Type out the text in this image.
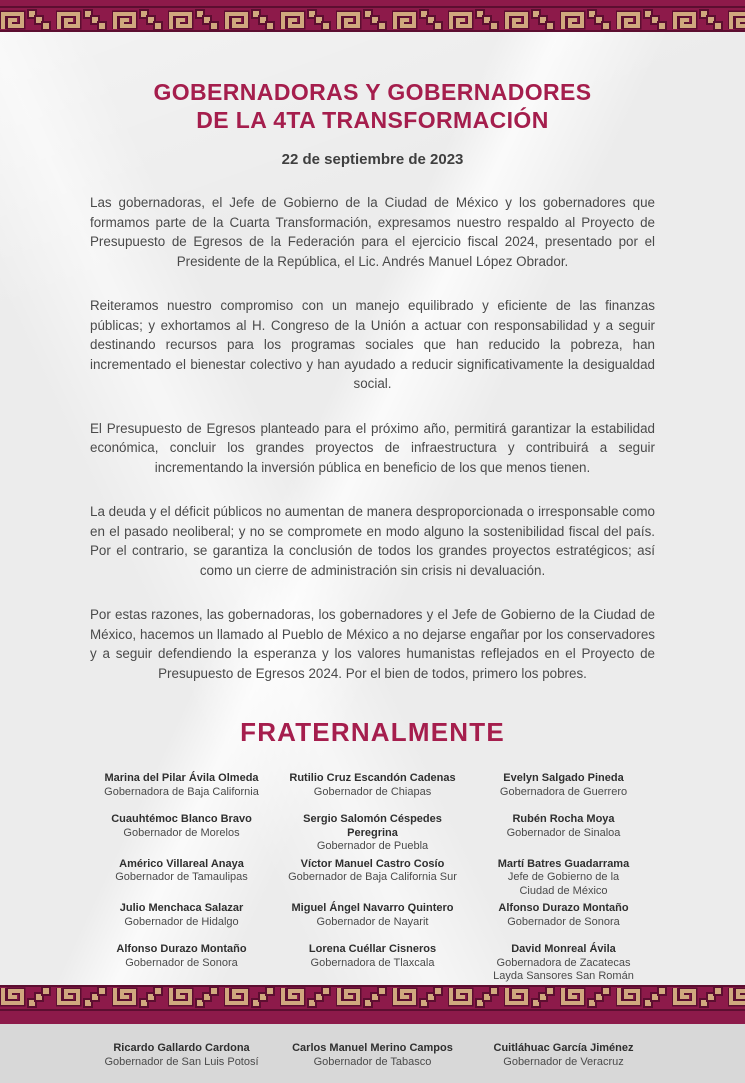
GOBERNADORAS Y GOBERNADORES
DE LA 4TA TRANSFORMACIÓN
22 de septiembre de 2023

Las gobernadoras, el Jefe de Gobierno de la Ciudad de México y los gobernadores que formamos parte de la Cuarta Transformación, expresamos nuestro respaldo al Proyecto de Presupuesto de Egresos de la Federación para el ejercicio fiscal 2024, presentado por el Presidente de la República, el Lic. Andrés Manuel López Obrador.

Reiteramos nuestro compromiso con un manejo equilibrado y eficiente de las finanzas públicas; y exhortamos al H. Congreso de la Unión a actuar con responsabilidad y a seguir destinando recursos para los programas sociales que han reducido la pobreza, han incrementado el bienestar colectivo y han ayudado a reducir significativamente la desigualdad social.

El Presupuesto de Egresos planteado para el próximo año, permitirá garantizar la estabilidad económica, concluir los grandes proyectos de infraestructura y contribuirá a seguir incrementando la inversión pública en beneficio de los que menos tienen.

La deuda y el déficit públicos no aumentan de manera desproporcionada o irresponsable como en el pasado neoliberal; y no se compromete en modo alguno la sostenibilidad fiscal del país. Por el contrario, se garantiza la conclusión de todos los grandes proyectos estratégicos; así como un cierre de administración sin crisis ni devaluación.

Por estas razones, las gobernadoras, los gobernadores y el Jefe de Gobierno de la Ciudad de México, hacemos un llamado al Pueblo de México a no dejarse engañar por los conservadores y a seguir defendiendo la esperanza y los valores humanistas reflejados en el Proyecto de Presupuesto de Egresos 2024. Por el bien de todos, primero los pobres.

FRATERNALMENTE
Marina del Pilar Ávila Olmeda
Gobernadora de Baja California
Rutilio Cruz Escandón Cadenas
Gobernador de Chiapas
Evelyn Salgado Pineda
Gobernadora de Guerrero
Cuauhtémoc Blanco Bravo
Gobernador de Morelos
Sergio Salomón Céspedes Peregrina
Gobernador de Puebla
Rubén Rocha Moya
Gobernador de Sinaloa
Américo Villareal Anaya
Gobernador de Tamaulipas
Víctor Manuel Castro Cosío
Gobernador de Baja California Sur
Martí Batres Guadarrama
Jefe de Gobierno de la
Ciudad de México
Julio Menchaca Salazar
Gobernador de Hidalgo
Miguel Ángel Navarro Quintero
Gobernador de Nayarit
Alfonso Durazo Montaño
Gobernador de Sonora
Alfonso Durazo Montaño
Gobernador de Sonora
Lorena Cuéllar Cisneros
Gobernadora de Tlaxcala
David Monreal Ávila
Gobernadora de Zacatecas
Layda Sansores San Román
Ricardo Gallardo Cardona
Gobernador de San Luis Potosí
Carlos Manuel Merino Campos
Gobernador de Tabasco
Cuitláhuac García Jiménez
Gobernador de Veracruz
